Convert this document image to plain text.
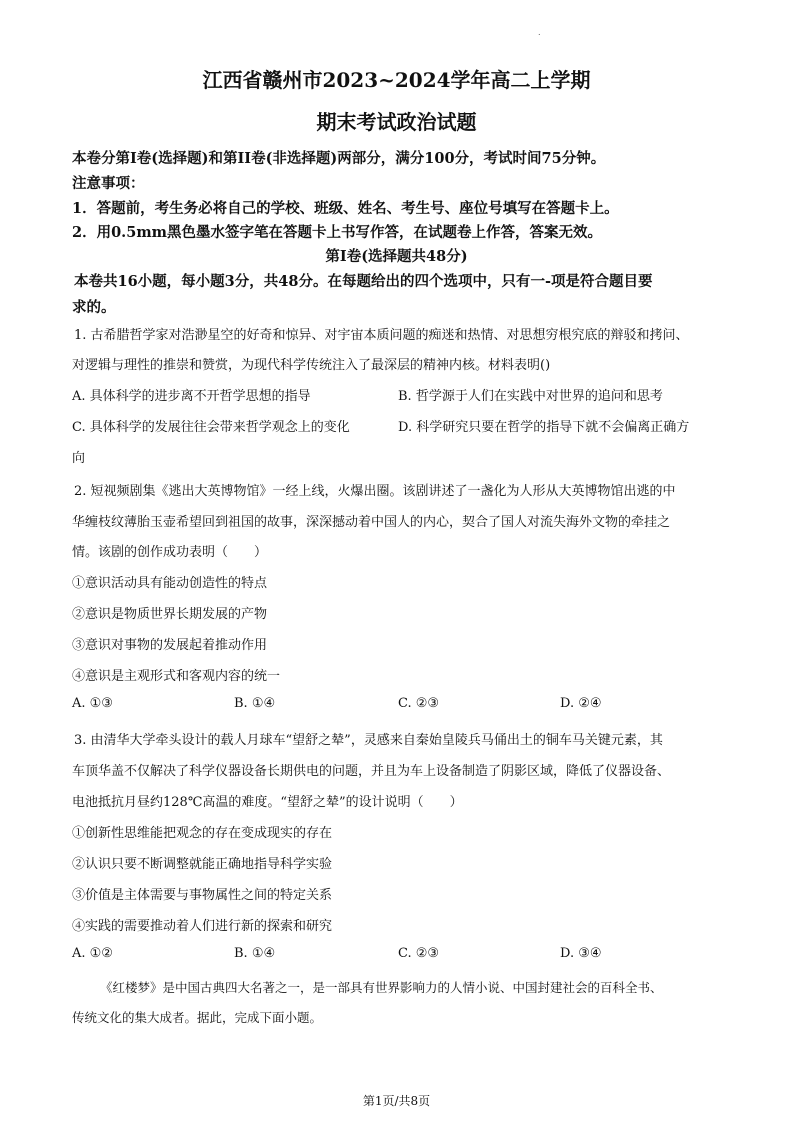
.
江西省赣州市2023~2024学年高二上学期
期末考试政治试题
本卷分第Ⅰ卷(选择题)和第II卷(非选择题)两部分，满分100分，考试时间75分钟。
注意事项：
1．答题前，考生务必将自己的学校、班级、姓名、考生号、座位号填写在答题卡上。
2．用0.5mm黑色墨水签字笔在答题卡上书写作答，在试题卷上作答，答案无效。
第Ⅰ卷(选择题共48分)
本卷共16小题，每小题3分，共48分。在每题给出的四个选项中，只有一-项是符合题目要
求的。
1. 古希腊哲学家对浩渺星空的好奇和惊异、对宇宙本质问题的痴迷和热情、对思想穷根究底的辩驳和拷问、
对逻辑与理性的推崇和赞赏，为现代科学传统注入了最深层的精神内核。材料表明()
A. 具体科学的进步离不开哲学思想的指导	B. 哲学源于人们在实践中对世界的追问和思考
C. 具体科学的发展往往会带来哲学观念上的变化	D. 科学研究只要在哲学的指导下就不会偏离正确方
向
2. 短视频剧集《逃出大英博物馆》一经上线，火爆出圈。该剧讲述了一盏化为人形从大英博物馆出逃的中
华缠枝纹薄胎玉壶希望回到祖国的故事，深深撼动着中国人的内心，契合了国人对流失海外文物的牵挂之
情。该剧的创作成功表明（　　）
①意识活动具有能动创造性的特点
②意识是物质世界长期发展的产物
③意识对事物的发展起着推动作用
④意识是主观形式和客观内容的统一
A. ①③	B. ①④	C. ②③	D. ②④
3. 由清华大学牵头设计的载人月球车“望舒之辇”，灵感来自秦始皇陵兵马俑出土的铜车马关键元素，其
车顶华盖不仅解决了科学仪器设备长期供电的问题，并且为车上设备制造了阴影区域，降低了仪器设备、
电池抵抗月昼约128℃高温的难度。“望舒之辇”的设计说明（　　）
①创新性思维能把观念的存在变成现实的存在
②认识只要不断调整就能正确地指导科学实验
③价值是主体需要与事物属性之间的特定关系
④实践的需要推动着人们进行新的探索和研究
A. ①②	B. ①④	C. ②③	D. ③④
《红楼梦》是中国古典四大名著之一，是一部具有世界影响力的人情小说、中国封建社会的百科全书、
传统文化的集大成者。据此，完成下面小题。
第1页/共8页
